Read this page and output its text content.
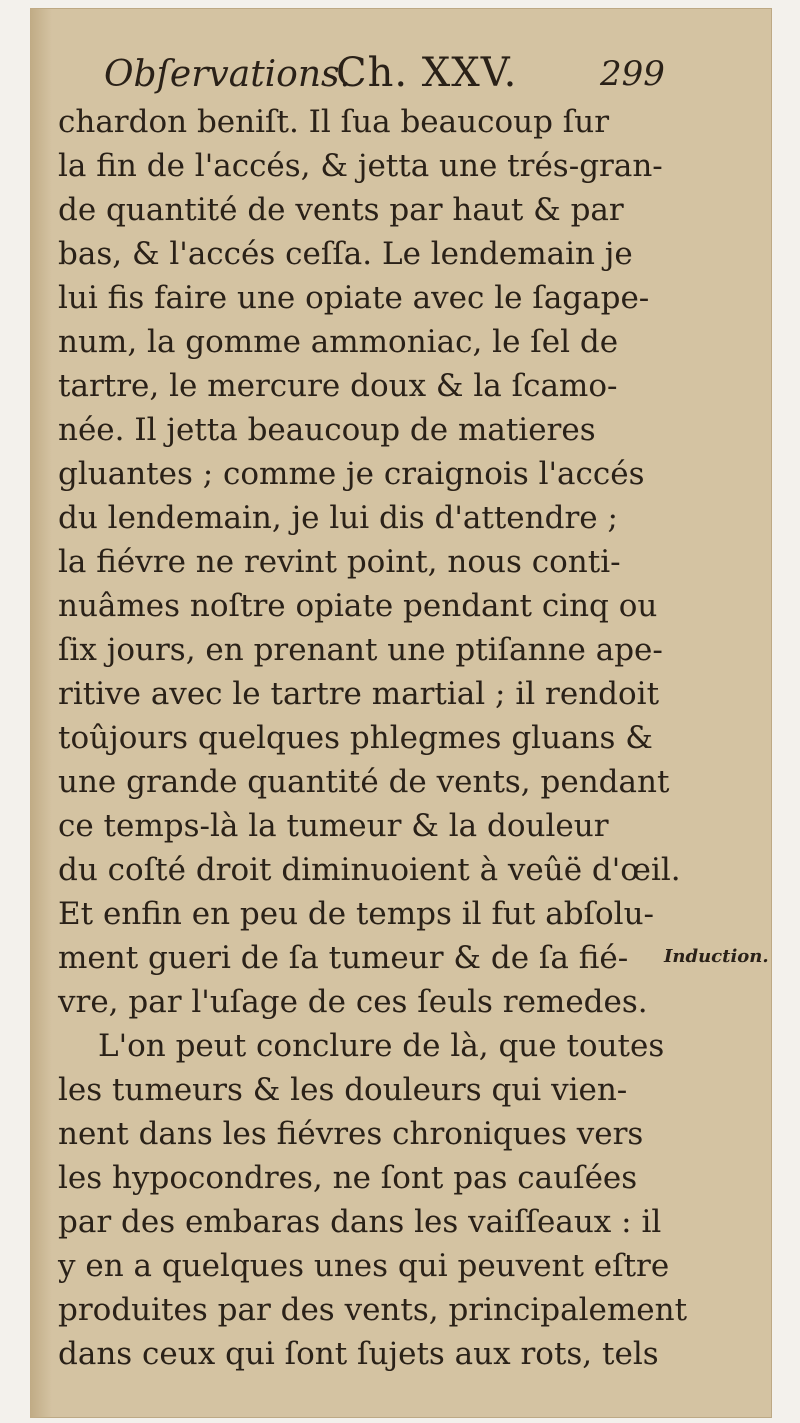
Obſervations.
Ch. XXV. 299
chardon beniſt. Il ſua beaucoup ſur
la fin de l'accés, & jetta une trés-gran-
de quantité de vents par haut & par
bas, & l'accés ceſſa. Le lendemain je
lui fis faire une opiate avec le ſagape-
num, la gomme ammoniac, le ſel de
tartre, le mercure doux & la ſcamo-
née. Il jetta beaucoup de matieres
gluantes ; comme je craignois l'accés
du lendemain, je lui dis d'attendre ;
la fiévre ne revint point, nous conti-
nuâmes noſtre opiate pendant cinq ou
ſix jours, en prenant une ptiſanne ape-
ritive avec le tartre martial ; il rendoit
toûjours quelques phlegmes gluans &
une grande quantité de vents, pendant
ce temps-là la tumeur & la douleur
du coſté droit diminuoient à veûë d'œil.
Et enfin en peu de temps il fut abſolu-
ment gueri de ſa tumeur & de ſa fié-
vre, par l'uſage de ces ſeuls remedes.
L'on peut conclure de là, que toutes
les tumeurs & les douleurs qui vien-
nent dans les fiévres chroniques vers
les hypocondres, ne ſont pas cauſées
par des embaras dans les vaiſſeaux : il
y en a quelques unes qui peuvent eſtre
produites par des vents, principalement
dans ceux qui ſont ſujets aux rots, tels
Induction.
